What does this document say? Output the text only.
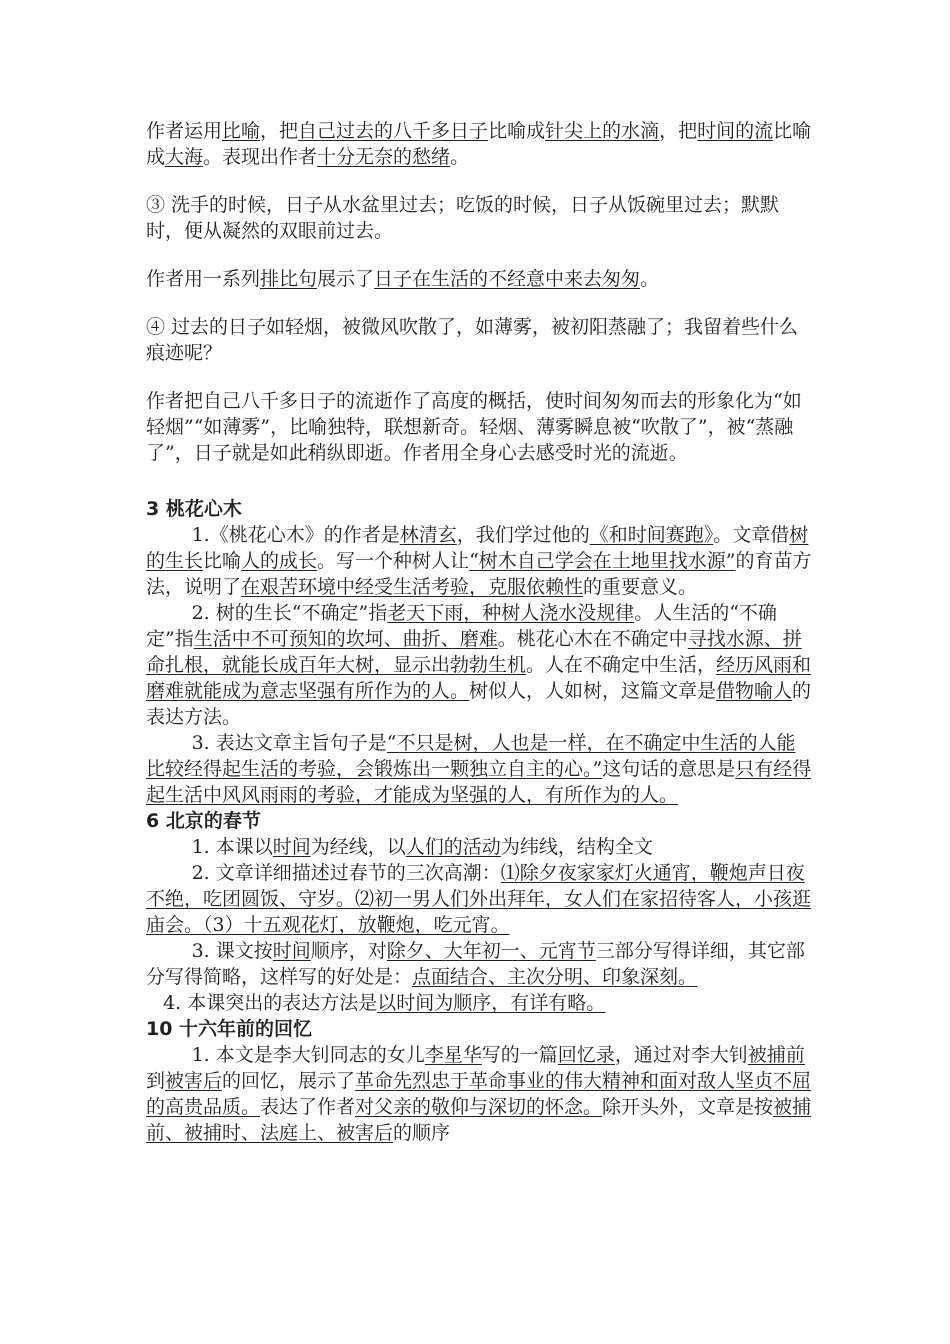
作者运用比喻，把自己过去的八千多日子比喻成针尖上的水滴，把时间的流比喻成大海。表现出作者十分无奈的愁绪。

③ 洗手的时候，日子从水盆里过去；吃饭的时候，日子从饭碗里过去；默默时，便从凝然的双眼前过去。

作者用一系列排比句展示了日子在生活的不经意中来去匆匆。

④ 过去的日子如轻烟，被微风吹散了，如薄雾，被初阳蒸融了；我留着些什么痕迹呢？

作者把自己八千多日子的流逝作了高度的概括，使时间匆匆而去的形象化为“如轻烟”“如薄雾”，比喻独特，联想新奇。轻烟、薄雾瞬息被“吹散了”，被“蒸融了”，日子就是如此稍纵即逝。作者用全身心去感受时光的流逝。

3 桃花心木

1.《桃花心木》的作者是林清玄，我们学过他的《和时间赛跑》。文章借树的生长比喻人的成长。写一个种树人让“树木自己学会在土地里找水源”的育苗方法，说明了在艰苦环境中经受生活考验，克服依赖性的重要意义。

2. 树的生长“不确定”指老天下雨，种树人浇水没规律。人生活的“不确定”指生活中不可预知的坎坷、曲折、磨难。桃花心木在不确定中寻找水源、拼命扎根，就能长成百年大树，显示出勃勃生机。人在不确定中生活，经历风雨和磨难就能成为意志坚强有所作为的人。树似人，人如树，这篇文章是借物喻人的表达方法。

3. 表达文章主旨句子是“不只是树，人也是一样，在不确定中生活的人能比较经得起生活的考验，会锻炼出一颗独立自主的心。”这句话的意思是只有经得起生活中风风雨雨的考验，才能成为坚强的人，有所作为的人。

6 北京的春节

1. 本课以时间为经线，以人们的活动为纬线，结构全文

2. 文章详细描述过春节的三次高潮：⑴除夕夜家家灯火通宵，鞭炮声日夜不绝，吃团圆饭、守岁。⑵初一男人们外出拜年，女人们在家招待客人，小孩逛庙会。（3）十五观花灯，放鞭炮，吃元宵。

3. 课文按时间顺序，对除夕、大年初一、元宵节三部分写得详细，其它部分写得简略，这样写的好处是：点面结合、主次分明、印象深刻。

4. 本课突出的表达方法是以时间为顺序，有详有略。

10 十六年前的回忆

1. 本文是李大钊同志的女儿李星华写的一篇回忆录，通过对李大钊被捕前到被害后的回忆，展示了革命先烈忠于革命事业的伟大精神和面对敌人坚贞不屈的高贵品质。表达了作者对父亲的敬仰与深切的怀念。除开头外，文章是按被捕前、被捕时、法庭上、被害后的顺序
